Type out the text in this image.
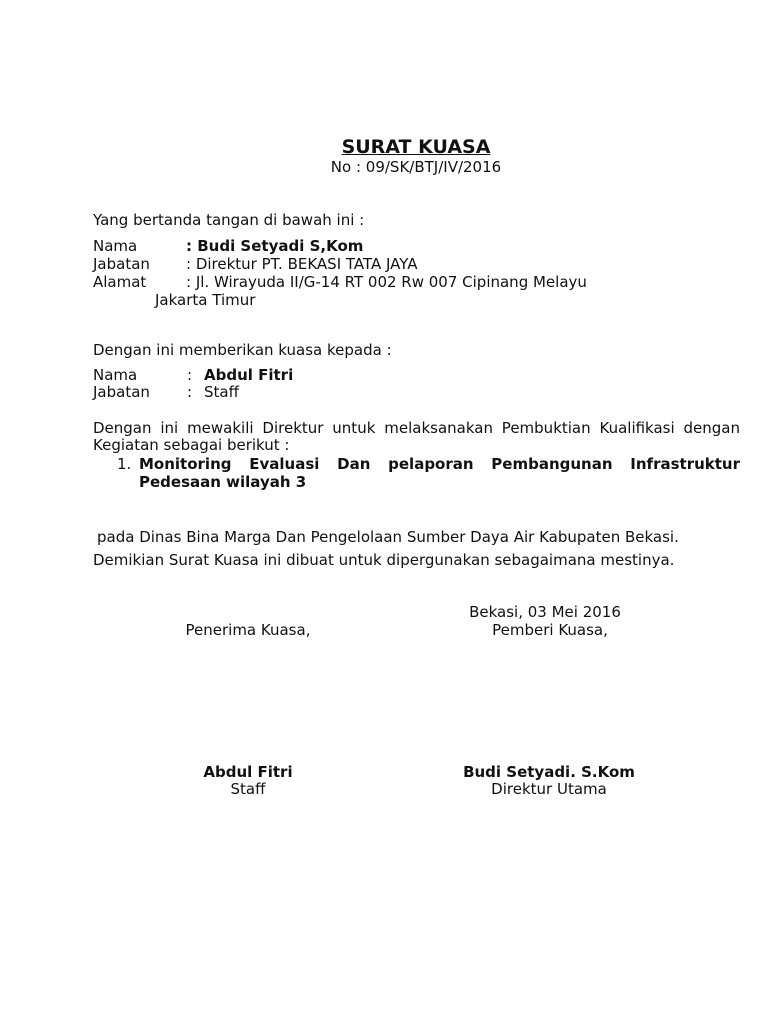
SURAT KUASA
No : 09/SK/BTJ/IV/2016
Yang bertanda tangan di bawah ini :
Nama	: Budi Setyadi S,Kom
Jabatan : Direktur PT. BEKASI TATA JAYA
Alamat	: Jl. Wirayuda II/G-14 RT 002 Rw 007 Cipinang Melayu
Jakarta Timur
Dengan ini memberikan kuasa kepada :
Nama	: Abdul Fitri
Jabatan : Staff
Dengan ini mewakili Direktur untuk melaksanakan Pembuktian Kualifikasi dengan
Kegiatan sebagai berikut :
1. Monitoring Evaluasi Dan pelaporan Pembangunan Infrastruktur
Pedesaan wilayah 3
pada Dinas Bina Marga Dan Pengelolaan Sumber Daya Air Kabupaten Bekasi.
Demikian Surat Kuasa ini dibuat untuk dipergunakan sebagaimana mestinya.
Bekasi, 03 Mei 2016
Penerima Kuasa,	Pemberi Kuasa,
Abdul Fitri
Staff
Budi Setyadi. S.Kom
Direktur Utama
